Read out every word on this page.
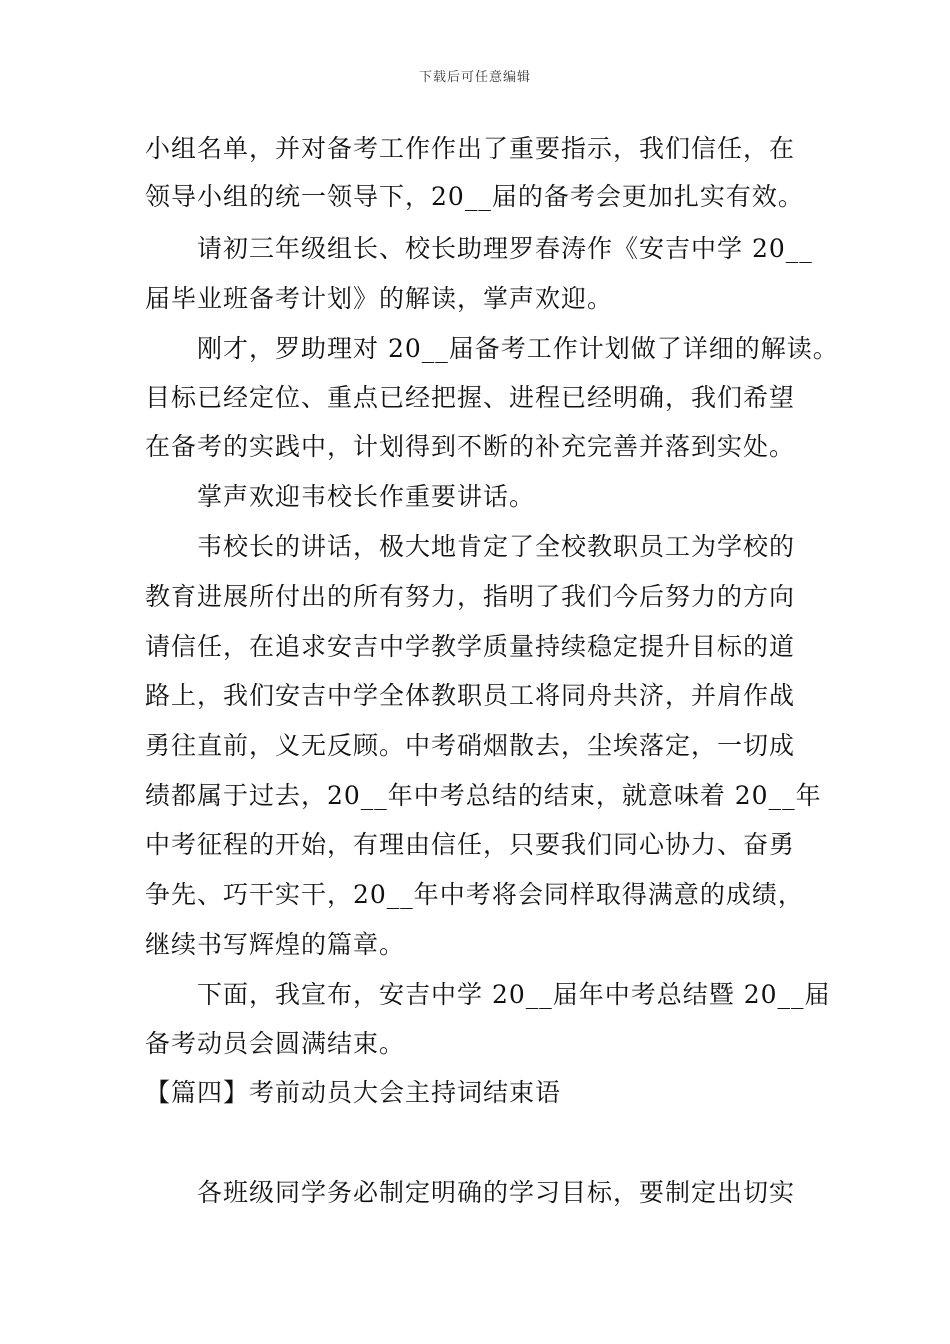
下载后可任意编辑
小组名单，并对备考工作作出了重要指示，我们信任，在
领导小组的统一领导下，20__届的备考会更加扎实有效。
　　请初三年级组长、校长助理罗春涛作《安吉中学 20__
届毕业班备考计划》的解读，掌声欢迎。
　　刚才，罗助理对 20__届备考工作计划做了详细的解读。
目标已经定位、重点已经把握、进程已经明确，我们希望
在备考的实践中，计划得到不断的补充完善并落到实处。
　　掌声欢迎韦校长作重要讲话。
　　韦校长的讲话，极大地肯定了全校教职员工为学校的
教育进展所付出的所有努力，指明了我们今后努力的方向
请信任，在追求安吉中学教学质量持续稳定提升目标的道
路上，我们安吉中学全体教职员工将同舟共济，并肩作战
勇往直前，义无反顾。中考硝烟散去，尘埃落定，一切成
绩都属于过去，20__年中考总结的结束，就意味着 20__年
中考征程的开始，有理由信任，只要我们同心协力、奋勇
争先、巧干实干，20__年中考将会同样取得满意的成绩，
继续书写辉煌的篇章。
　　下面，我宣布，安吉中学 20__届年中考总结暨 20__届
备考动员会圆满结束。
【篇四】考前动员大会主持词结束语
　　各班级同学务必制定明确的学习目标，要制定出切实
